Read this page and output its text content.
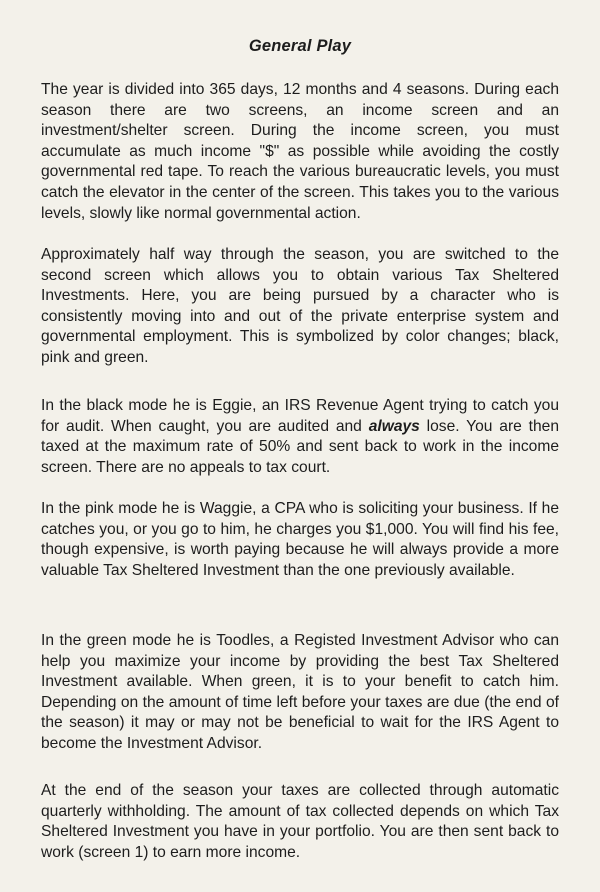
General Play

The year is divided into 365 days, 12 months and 4 seasons. During each season there are two screens, an income screen and an investment/shelter screen. During the income screen, you must accumulate as much income "$" as possible while avoiding the costly governmental red tape. To reach the various bureaucratic levels, you must catch the elevator in the center of the screen. This takes you to the various levels, slowly like normal governmental action.

Approximately half way through the season, you are switched to the second screen which allows you to obtain various Tax Sheltered Investments. Here, you are being pursued by a character who is consistently moving into and out of the private enterprise system and governmental employment. This is symbolized by color changes; black, pink and green.

In the black mode he is Eggie, an IRS Revenue Agent trying to catch you for audit. When caught, you are audited and always lose. You are then taxed at the maximum rate of 50% and sent back to work in the income screen. There are no appeals to tax court.

In the pink mode he is Waggie, a CPA who is soliciting your business. If he catches you, or you go to him, he charges you $1,000. You will find his fee, though expensive, is worth paying because he will always provide a more valuable Tax Sheltered Investment than the one previously available.

In the green mode he is Toodles, a Registed Investment Advisor who can help you maximize your income by providing the best Tax Sheltered Investment available. When green, it is to your benefit to catch him. Depending on the amount of time left before your taxes are due (the end of the season) it may or may not be beneficial to wait for the IRS Agent to become the Investment Advisor.

At the end of the season your taxes are collected through automatic quarterly withholding. The amount of tax collected depends on which Tax Sheltered Investment you have in your portfolio. You are then sent back to work (screen 1) to earn more income.
